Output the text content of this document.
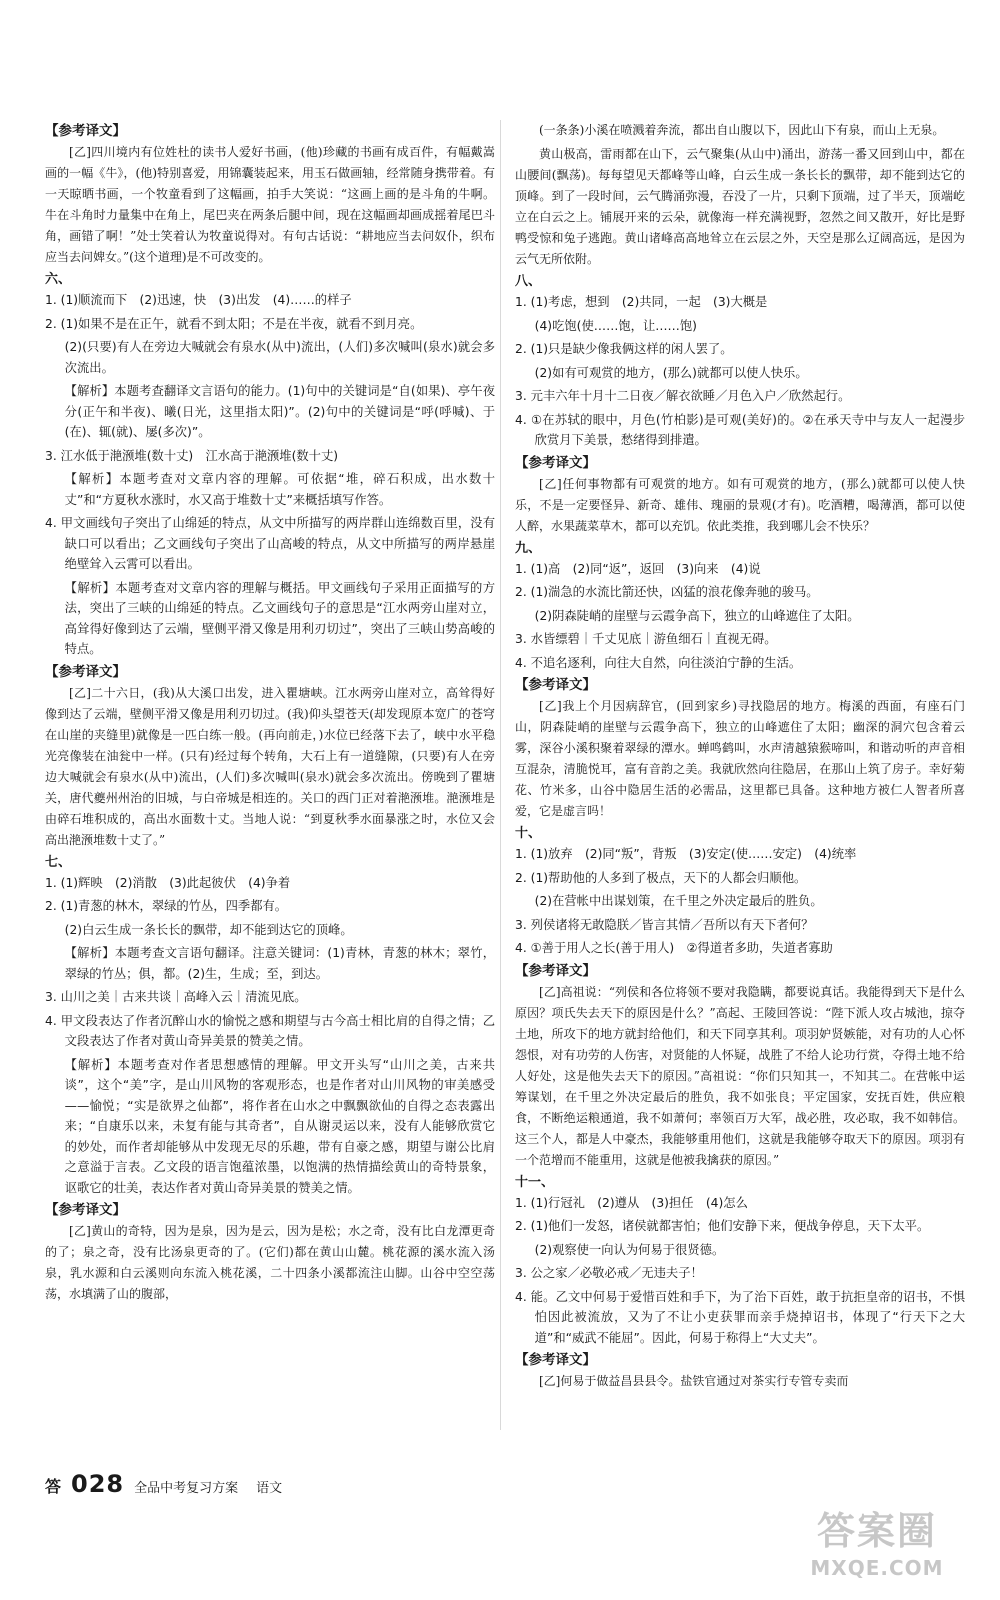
【参考译文】
[乙]四川境内有位姓杜的读书人爱好书画，(他)珍藏的书画有成百件，有幅戴嵩画的一幅《牛》，(他)特别喜爱，用锦囊装起来，用玉石做画轴，经常随身携带着。有一天晾晒书画，一个牧童看到了这幅画，拍手大笑说：“这画上画的是斗角的牛啊。牛在斗角时力量集中在角上，尾巴夹在两条后腿中间，现在这幅画却画成摇着尾巴斗角，画错了啊！”处士笑着认为牧童说得对。有句古话说：“耕地应当去问奴仆，织布应当去问婢女。”(这个道理)是不可改变的。
六、
1. (1)顺流而下　(2)迅速，快　(3)出发　(4)……的样子
2. (1)如果不是在正午，就看不到太阳；不是在半夜，就看不到月亮。
(2)(只要)有人在旁边大喊就会有泉水(从中)流出，(人们)多次喊叫(泉水)就会多次流出。
【解析】本题考查翻译文言语句的能力。(1)句中的关键词是“自(如果)、亭午夜分(正午和半夜)、曦(日光，这里指太阳)”。(2)句中的关键词是“呼(呼喊)、于(在)、辄(就)、屡(多次)”。
3. 江水低于滟滪堆(数十丈)　江水高于滟滪堆(数十丈)
【解析】本题考查对文章内容的理解。可依据“堆，碎石积成，出水数十丈”和“方夏秋水涨时，水又高于堆数十丈”来概括填写作答。
4. 甲文画线句子突出了山绵延的特点，从文中所描写的两岸群山连绵数百里，没有缺口可以看出；乙文画线句子突出了山高峻的特点，从文中所描写的两岸悬崖绝壁耸入云霄可以看出。
【解析】本题考查对文章内容的理解与概括。甲文画线句子采用正面描写的方法，突出了三峡的山绵延的特点。乙文画线句子的意思是“江水两旁山崖对立，高耸得好像到达了云端，壁侧平滑又像是用利刃切过”，突出了三峡山势高峻的特点。
【参考译文】
[乙]二十六日，(我)从大溪口出发，进入瞿塘峡。江水两旁山崖对立，高耸得好像到达了云端，壁侧平滑又像是用利刃切过。(我)仰头望苍天(却发现原本宽广的苍穹在山崖的夹缝里)就像是一匹白练一般。(再向前走，)水位已经落下去了，峡中水平稳光亮像装在油瓮中一样。(只有)经过每个转角，大石上有一道缝隙，(只要)有人在旁边大喊就会有泉水(从中)流出，(人们)多次喊叫(泉水)就会多次流出。傍晚到了瞿塘关，唐代夔州州治的旧城，与白帝城是相连的。关口的西门正对着滟滪堆。滟滪堆是由碎石堆积成的，高出水面数十丈。当地人说：“到夏秋季水面暴涨之时，水位又会高出滟滪堆数十丈了。”
七、
1. (1)辉映　(2)消散　(3)此起彼伏　(4)争着
2. (1)青葱的林木，翠绿的竹丛，四季都有。
(2)白云生成一条长长的飘带，却不能到达它的顶峰。
【解析】本题考查文言语句翻译。注意关键词：(1)青林，青葱的林木；翠竹，翠绿的竹丛；俱，都。(2)生，生成；至，到达。
3. 山川之美｜古来共谈｜高峰入云｜清流见底。
4. 甲文段表达了作者沉醉山水的愉悦之感和期望与古今高士相比肩的自得之情；乙文段表达了作者对黄山奇异美景的赞美之情。
【解析】本题考查对作者思想感情的理解。甲文开头写“山川之美，古来共谈”，这个“美”字，是山川风物的客观形态，也是作者对山川风物的审美感受——愉悦；“实是欲界之仙都”，将作者在山水之中飘飘欲仙的自得之态表露出来；“自康乐以来，未复有能与其奇者”，自从谢灵运以来，没有人能够欣赏它的妙处，而作者却能够从中发现无尽的乐趣，带有自豪之感，期望与谢公比肩之意溢于言表。乙文段的语言饱蕴浓墨，以饱满的热情描绘黄山的奇特景象，讴歌它的壮美，表达作者对黄山奇异美景的赞美之情。
【参考译文】
[乙]黄山的奇特，因为是泉，因为是云，因为是松；水之奇，没有比白龙潭更奇的了；泉之奇，没有比汤泉更奇的了。(它们)都在黄山山麓。桃花源的溪水流入汤泉，乳水源和白云溪则向东流入桃花溪，二十四条小溪都流注山脚。山谷中空空荡荡，水填满了山的腹部，
(一条条)小溪在喷溅着奔流，都出自山腹以下，因此山下有泉，而山上无泉。
黄山极高，雷雨都在山下，云气聚集(从山中)涌出，游荡一番又回到山中，都在山腰间(飘荡)。每每望见天都峰等山峰，白云生成一条长长的飘带，却不能到达它的顶峰。到了一段时间，云气腾涌弥漫，吞没了一片，只剩下顶端，过了半天，顶端屹立在白云之上。铺展开来的云朵，就像海一样充满视野，忽然之间又散开，好比是野鸭受惊和兔子逃跑。黄山诸峰高高地耸立在云层之外，天空是那么辽阔高远，是因为云气无所依附。
八、
1. (1)考虑，想到　(2)共同，一起　(3)大概是
(4)吃饱(使……饱，让……饱)
2. (1)只是缺少像我俩这样的闲人罢了。
(2)如有可观赏的地方，(那么)就都可以使人快乐。
3. 元丰六年十月十二日夜／解衣欲睡／月色入户／欣然起行。
4. ①在苏轼的眼中，月色(竹柏影)是可观(美好)的。②在承天寺中与友人一起漫步欣赏月下美景，愁绪得到排遣。
【参考译文】
[乙]任何事物都有可观赏的地方。如有可观赏的地方，(那么)就都可以使人快乐，不是一定要怪异、新奇、雄伟、瑰丽的景观(才有)。吃酒糟，喝薄酒，都可以使人醉，水果蔬菜草木，都可以充饥。依此类推，我到哪儿会不快乐？
九、
1. (1)高　(2)同“返”，返回　(3)向来　(4)说
2. (1)湍急的水流比箭还快，凶猛的浪花像奔驰的骏马。
(2)阴森陡峭的崖壁与云霞争高下，独立的山峰遮住了太阳。
3. 水皆缥碧｜千丈见底｜游鱼细石｜直视无碍。
4. 不追名逐利，向往大自然，向往淡泊宁静的生活。
【参考译文】
[乙]我上个月因病辞官，(回到家乡)寻找隐居的地方。梅溪的西面，有座石门山，阴森陡峭的崖壁与云霞争高下，独立的山峰遮住了太阳；幽深的洞穴包含着云雾，深谷小溪积聚着翠绿的潭水。蝉鸣鹤叫，水声清越猿猴啼叫，和谐动听的声音相互混杂，清脆悦耳，富有音韵之美。我就欣然向往隐居，在那山上筑了房子。幸好菊花、竹米多，山谷中隐居生活的必需品，这里都已具备。这种地方被仁人智者所喜爱，它是虚言吗！
十、
1. (1)放弃　(2)同“叛”，背叛　(3)安定(使……安定)　(4)统率
2. (1)帮助他的人多到了极点，天下的人都会归顺他。
(2)在营帐中出谋划策，在千里之外决定最后的胜负。
3. 列侯诸将无敢隐朕／皆言其情／吾所以有天下者何？
4. ①善于用人之长(善于用人)　②得道者多助，失道者寡助
【参考译文】
[乙]高祖说：“列侯和各位将领不要对我隐瞒，都要说真话。我能得到天下是什么原因？项氏失去天下的原因是什么？”高起、王陵回答说：“陛下派人攻占城池，掠夺土地，所攻下的地方就封给他们，和天下同享其利。项羽妒贤嫉能，对有功的人心怀怨恨，对有功劳的人伤害，对贤能的人怀疑，战胜了不给人论功行赏，夺得土地不给人好处，这是他失去天下的原因。”高祖说：“你们只知其一，不知其二。在营帐中运筹谋划，在千里之外决定最后的胜负，我不如张良；平定国家，安抚百姓，供应粮食，不断绝运粮通道，我不如萧何；率领百万大军，战必胜，攻必取，我不如韩信。这三个人，都是人中豪杰，我能够重用他们，这就是我能够夺取天下的原因。项羽有一个范增而不能重用，这就是他被我擒获的原因。”
十一、
1. (1)行冠礼　(2)遵从　(3)担任　(4)怎么
2. (1)他们一发怒，诸侯就都害怕；他们安静下来，便战争停息，天下太平。
(2)观察使一向认为何易于很贤德。
3. 公之家／必敬必戒／无违夫子！
4. 能。乙文中何易于爱惜百姓和手下，为了治下百姓，敢于抗拒皇帝的诏书，不惧怕因此被流放，又为了不让小吏获罪而亲手烧掉诏书，体现了“行天下之大道”和“威武不能屈”。因此，何易于称得上“大丈夫”。
【参考译文】
[乙]何易于做益昌县县令。盐铁官通过对茶实行专管专卖而
答 028 全品中考复习方案 语文
答案圈
MXQE.COM
